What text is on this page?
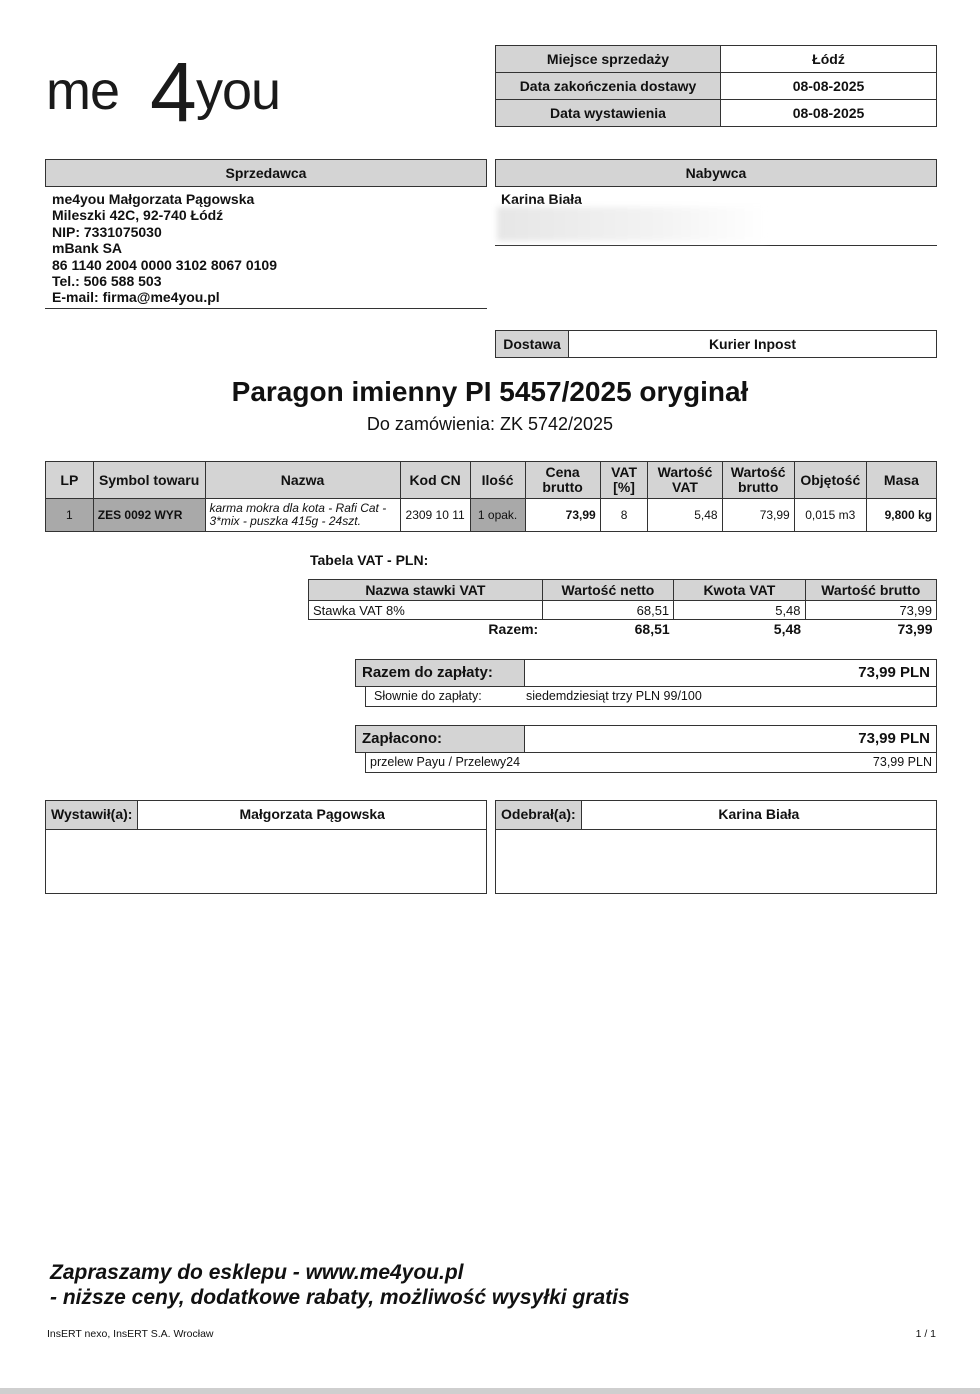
me 4 you
Miejsce sprzedaży	Łódź
Data zakończenia dostawy	08-08-2025
Data wystawienia	08-08-2025
Sprzedawca
me4you Małgorzata Pągowska
Mileszki 42C, 92-740 Łódź
NIP: 7331075030
mBank SA
86 1140 2004 0000 3102 8067 0109
Tel.: 506 588 503
E-mail: firma@me4you.pl
Nabywca
Karina Biała
Dostawa	Kurier Inpost
Paragon imienny PI 5457/2025 oryginał
Do zamówienia: ZK 5742/2025
LP	Symbol towaru	Nazwa	Kod CN	Ilość	Cena brutto	VAT [%]	Wartość VAT	Wartość brutto	Objętość	Masa
1	ZES 0092 WYR	karma mokra dla kota - Rafi Cat - 3*mix - puszka 415g - 24szt.	2309 10 11	1 opak.	73,99	8	5,48	73,99	0,015 m3	9,800 kg
Tabela VAT - PLN:
Nazwa stawki VAT	Wartość netto	Kwota VAT	Wartość brutto
Stawka VAT 8%	68,51	5,48	73,99
Razem:	68,51	5,48	73,99
Razem do zapłaty:	73,99 PLN
Słownie do zapłaty:	siedemdziesiąt trzy PLN 99/100
Zapłacono:	73,99 PLN
przelew Payu / Przelewy24	73,99 PLN
Wystawił(a):	Małgorzata Pągowska	Odebrał(a):	Karina Biała
Zapraszamy do esklepu - www.me4you.pl
- niższe ceny, dodatkowe rabaty, możliwość wysyłki gratis
InsERT nexo, InsERT S.A. Wrocław	1 / 1
